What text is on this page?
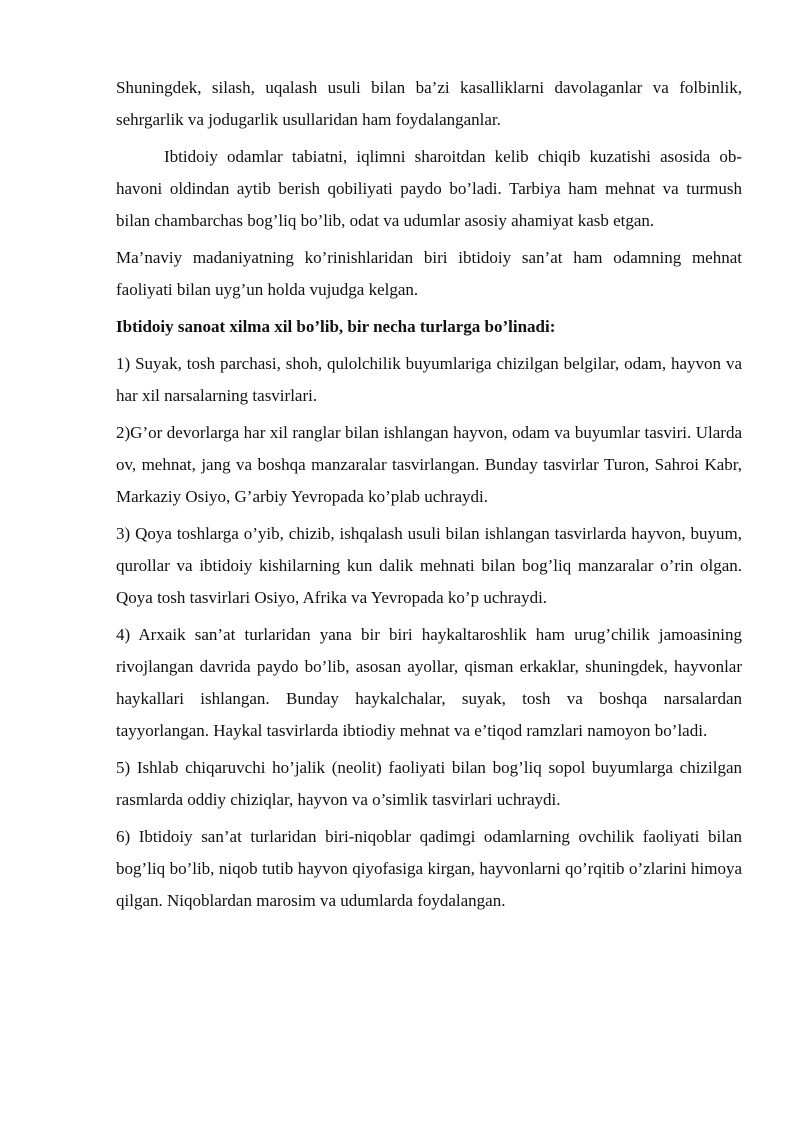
Shuningdek, silash, uqalash usuli bilan ba’zi kasalliklarni davolaganlar va folbinlik, sehrgarlik va jodugarlik usullaridan ham foydalanganlar.

Ibtidoiy odamlar tabiatni, iqlimni sharoitdan kelib chiqib kuzatishi asosida ob-havoni oldindan aytib berish qobiliyati paydo bo’ladi. Tarbiya ham mehnat va turmush bilan chambarchas bog’liq bo’lib, odat va udumlar asosiy ahamiyat kasb etgan.

Ma’naviy madaniyatning ko’rinishlaridan biri ibtidoiy san’at ham odamning mehnat faoliyati bilan uyg’un holda vujudga kelgan.

Ibtidoiy sanoat xilma xil bo’lib, bir necha turlarga bo’linadi:

1) Suyak, tosh parchasi, shoh, qulolchilik buyumlariga chizilgan belgilar, odam, hayvon va har xil narsalarning tasvirlari.

2)G’or devorlarga har xil ranglar bilan ishlangan hayvon, odam va buyumlar tasviri. Ularda ov, mehnat, jang va boshqa manzaralar tasvirlangan. Bunday tasvirlar Turon, Sahroi Kabr, Markaziy Osiyo, G’arbiy Yevropada ko’plab uchraydi.

3) Qoya toshlarga o’yib, chizib, ishqalash usuli bilan ishlangan tasvirlarda hayvon, buyum, qurollar va ibtidoiy kishilarning kun dalik mehnati bilan bog’liq manzaralar o’rin olgan. Qoya tosh tasvirlari Osiyo, Afrika va Yevropada ko’p uchraydi.

4) Arxaik san’at turlaridan yana bir biri haykaltaroshlik ham urug’chilik jamoasining rivojlangan davrida paydo bo’lib, asosan ayollar, qisman erkaklar, shuningdek, hayvonlar haykallari ishlangan. Bunday haykalchalar, suyak, tosh va boshqa narsalardan tayyorlangan. Haykal tasvirlarda ibtiodiy mehnat va e’tiqod ramzlari namoyon bo’ladi.

5) Ishlab chiqaruvchi ho’jalik (neolit) faoliyati bilan bog’liq sopol buyumlarga chizilgan rasmlarda oddiy chiziqlar, hayvon va o’simlik tasvirlari uchraydi.

6) Ibtidoiy san’at turlaridan biri-niqoblar qadimgi odamlarning ovchilik faoliyati bilan bog’liq bo’lib, niqob tutib hayvon qiyofasiga kirgan, hayvonlarni qo’rqitib o’zlarini himoya qilgan. Niqoblardan marosim va udumlarda foydalangan.
